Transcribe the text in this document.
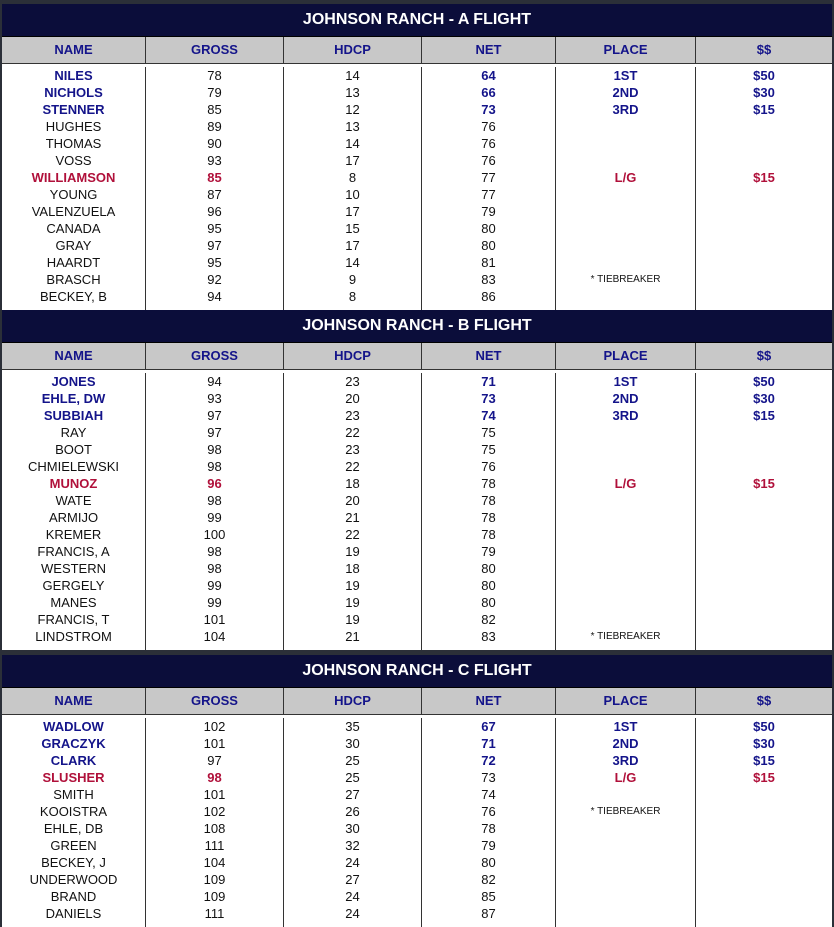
JOHNSON RANCH - A FLIGHT
NAME	GROSS	HDCP	NET	PLACE	$$
NILES	78	14	64	1ST	$50
NICHOLS	79	13	66	2ND	$30
STENNER	85	12	73	3RD	$15
HUGHES	89	13	76
THOMAS	90	14	76
VOSS	93	17	76
WILLIAMSON	85	8	77	L/G	$15
YOUNG	87	10	77
VALENZUELA	96	17	79
CANADA	95	15	80
GRAY	97	17	80
HAARDT	95	14	81
BRASCH	92	9	83	* TIEBREAKER
BECKEY, B	94	8	86
JOHNSON RANCH - B FLIGHT
NAME	GROSS	HDCP	NET	PLACE	$$
JONES	94	23	71	1ST	$50
EHLE, DW	93	20	73	2ND	$30
SUBBIAH	97	23	74	3RD	$15
RAY	97	22	75
BOOT	98	23	75
CHMIELEWSKI	98	22	76
MUNOZ	96	18	78	L/G	$15
WATE	98	20	78
ARMIJO	99	21	78
KREMER	100	22	78
FRANCIS, A	98	19	79
WESTERN	98	18	80
GERGELY	99	19	80
MANES	99	19	80
FRANCIS, T	101	19	82
LINDSTROM	104	21	83	* TIEBREAKER
JOHNSON RANCH - C FLIGHT
NAME	GROSS	HDCP	NET	PLACE	$$
WADLOW	102	35	67	1ST	$50
GRACZYK	101	30	71	2ND	$30
CLARK	97	25	72	3RD	$15
SLUSHER	98	25	73	L/G	$15
SMITH	101	27	74
KOOISTRA	102	26	76	* TIEBREAKER
EHLE, DB	108	30	78
GREEN	111	32	79
BECKEY, J	104	24	80
UNDERWOOD	109	27	82
BRAND	109	24	85
DANIELS	111	24	87
